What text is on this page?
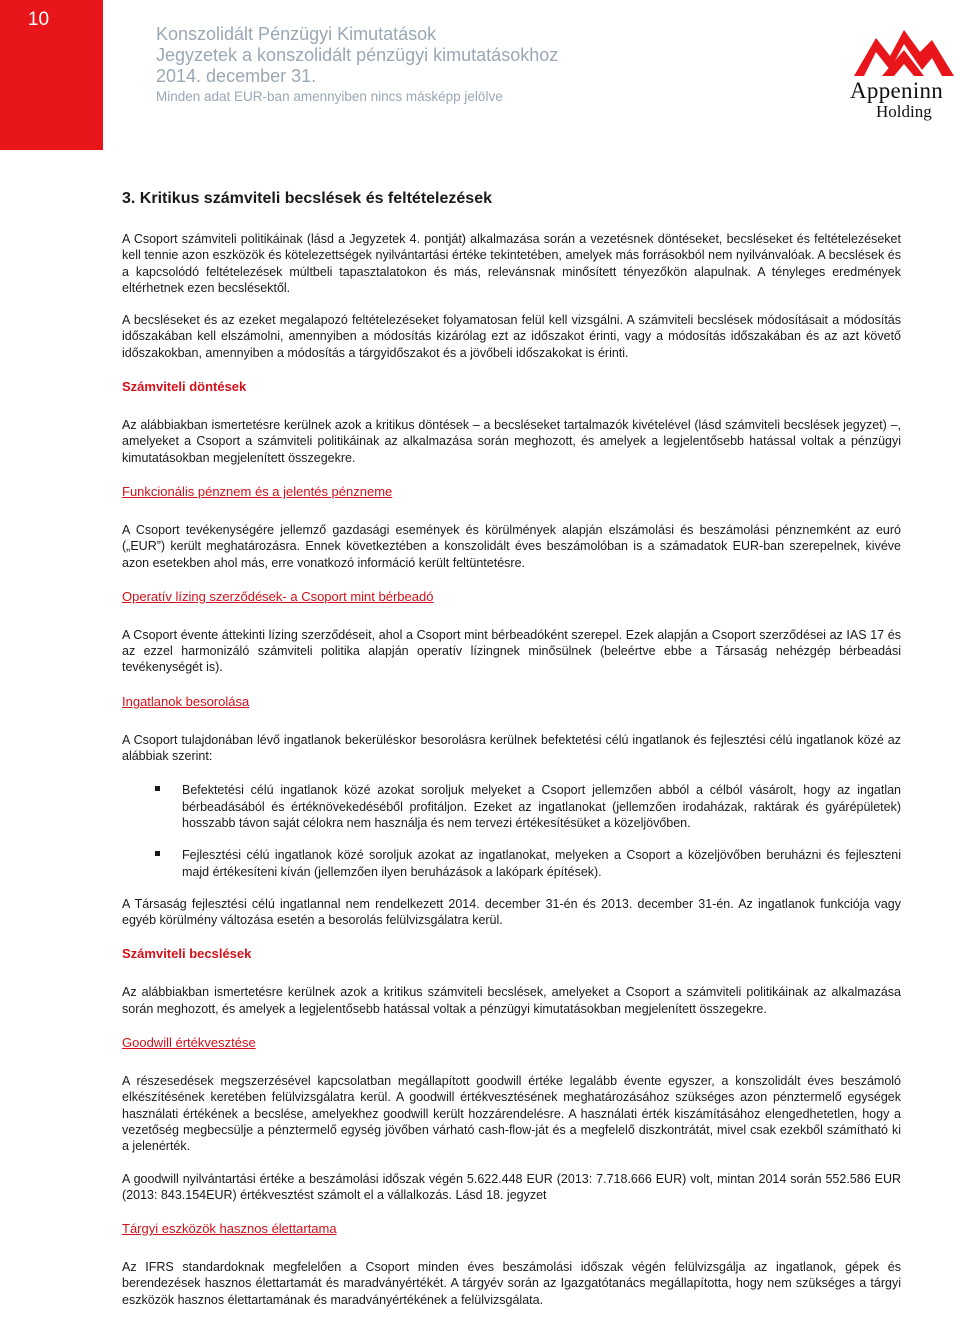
10
Konszolidált Pénzügyi Kimutatások
Jegyzetek a konszolidált pénzügyi kimutatásokhoz
2014. december 31.
Minden adat EUR-ban amennyiben nincs másképp jelölve	Appeninn
Holding
3. Kritikus számviteli becslések és feltételezések

A Csoport számviteli politikáinak (lásd a Jegyzetek 4. pontját) alkalmazása során a vezetésnek döntéseket, becsléseket és feltételezéseket kell tennie azon eszközök és kötelezettségek nyilvántartási értéke tekintetében, amelyek más forrásokból nem nyilvánvalóak. A becslések és a kapcsolódó feltételezések múltbeli tapasztalatokon és más, relevánsnak minősített tényezőkön alapulnak. A tényleges eredmények eltérhetnek ezen becslésektől.

A becsléseket és az ezeket megalapozó feltételezéseket folyamatosan felül kell vizsgálni. A számviteli becslések módosításait a módosítás időszakában kell elszámolni, amennyiben a módosítás kizárólag ezt az időszakot érinti, vagy a módosítás időszakában és az azt követő időszakokban, amennyiben a módosítás a tárgyidőszakot és a jövőbeli időszakokat is érinti.

Számviteli döntések

Az alábbiakban ismertetésre kerülnek azok a kritikus döntések – a becsléseket tartalmazók kivételével (lásd számviteli becslések jegyzet) –, amelyeket a Csoport a számviteli politikáinak az alkalmazása során meghozott, és amelyek a legjelentősebb hatással voltak a pénzügyi kimutatásokban megjelenített összegekre.

Funkcionális pénznem és a jelentés pénzneme

A Csoport tevékenységére jellemző gazdasági események és körülmények alapján elszámolási és beszámolási pénznemként az euró („EUR”) került meghatározásra. Ennek következtében a konszolidált éves beszámolóban is a számadatok EUR-ban szerepelnek, kivéve azon esetekben ahol más, erre vonatkozó információ került feltüntetésre.

Operatív lízing szerződések- a Csoport mint bérbeadó

A Csoport évente áttekinti lízing szerződéseit, ahol a Csoport mint bérbeadóként szerepel. Ezek alapján a Csoport szerződései az IAS 17 és az ezzel harmonizáló számviteli politika alapján operatív lízingnek minősülnek (beleértve ebbe a Társaság nehézgép bérbeadási tevékenységét is).

Ingatlanok besorolása

A Csoport tulajdonában lévő ingatlanok bekerüléskor besorolásra kerülnek befektetési célú ingatlanok és fejlesztési célú ingatlanok közé az alábbiak szerint:

Befektetési célú ingatlanok közé azokat soroljuk melyeket a Csoport jellemzően abból a célból vásárolt, hogy az ingatlan bérbeadásából és értéknövekedéséből profitáljon. Ezeket az ingatlanokat (jellemzően irodaházak, raktárak és gyárépületek) hosszabb távon saját célokra nem használja és nem tervezi értékesítésüket a közeljövőben.

Fejlesztési célú ingatlanok közé soroljuk azokat az ingatlanokat, melyeken a Csoport a közeljövőben beruházni és fejleszteni majd értékesíteni kíván (jellemzően ilyen beruházások a lakópark építések).

A Társaság fejlesztési célú ingatlannal nem rendelkezett 2014. december 31-én és 2013. december 31-én. Az ingatlanok funkciója vagy egyéb körülmény változása esetén a besorolás felülvizsgálatra kerül.

Számviteli becslések

Az alábbiakban ismertetésre kerülnek azok a kritikus számviteli becslések, amelyeket a Csoport a számviteli politikáinak az alkalmazása során meghozott, és amelyek a legjelentősebb hatással voltak a pénzügyi kimutatásokban megjelenített összegekre.

Goodwill értékvesztése

A részesedések megszerzésével kapcsolatban megállapított goodwill értéke legalább évente egyszer, a konszolidált éves beszámoló elkészítésének keretében felülvizsgálatra kerül. A goodwill értékvesztésének meghatározásához szükséges azon pénztermelő egységek használati értékének a becslése, amelyekhez goodwill került hozzárendelésre. A használati érték kiszámításához elengedhetetlen, hogy a vezetőség megbecsülje a pénztermelő egység jövőben várható cash-flow-ját és a megfelelő diszkontrátát, mivel csak ezekből számítható ki a jelenérték.

A goodwill nyilvántartási értéke a beszámolási időszak végén 5.622.448 EUR (2013: 7.718.666 EUR) volt, mintan 2014 során 552.586 EUR (2013: 843.154EUR) értékvesztést számolt el a vállalkozás. Lásd 18. jegyzet

Tárgyi eszközök hasznos élettartama

Az IFRS standardoknak megfelelően a Csoport minden éves beszámolási időszak végén felülvizsgálja az ingatlanok, gépek és berendezések hasznos élettartamát és maradványértékét. A tárgyév során az Igazgatótanács megállapította, hogy nem szükséges a tárgyi eszközök hasznos élettartamának és maradványértékének a felülvizsgálata.
